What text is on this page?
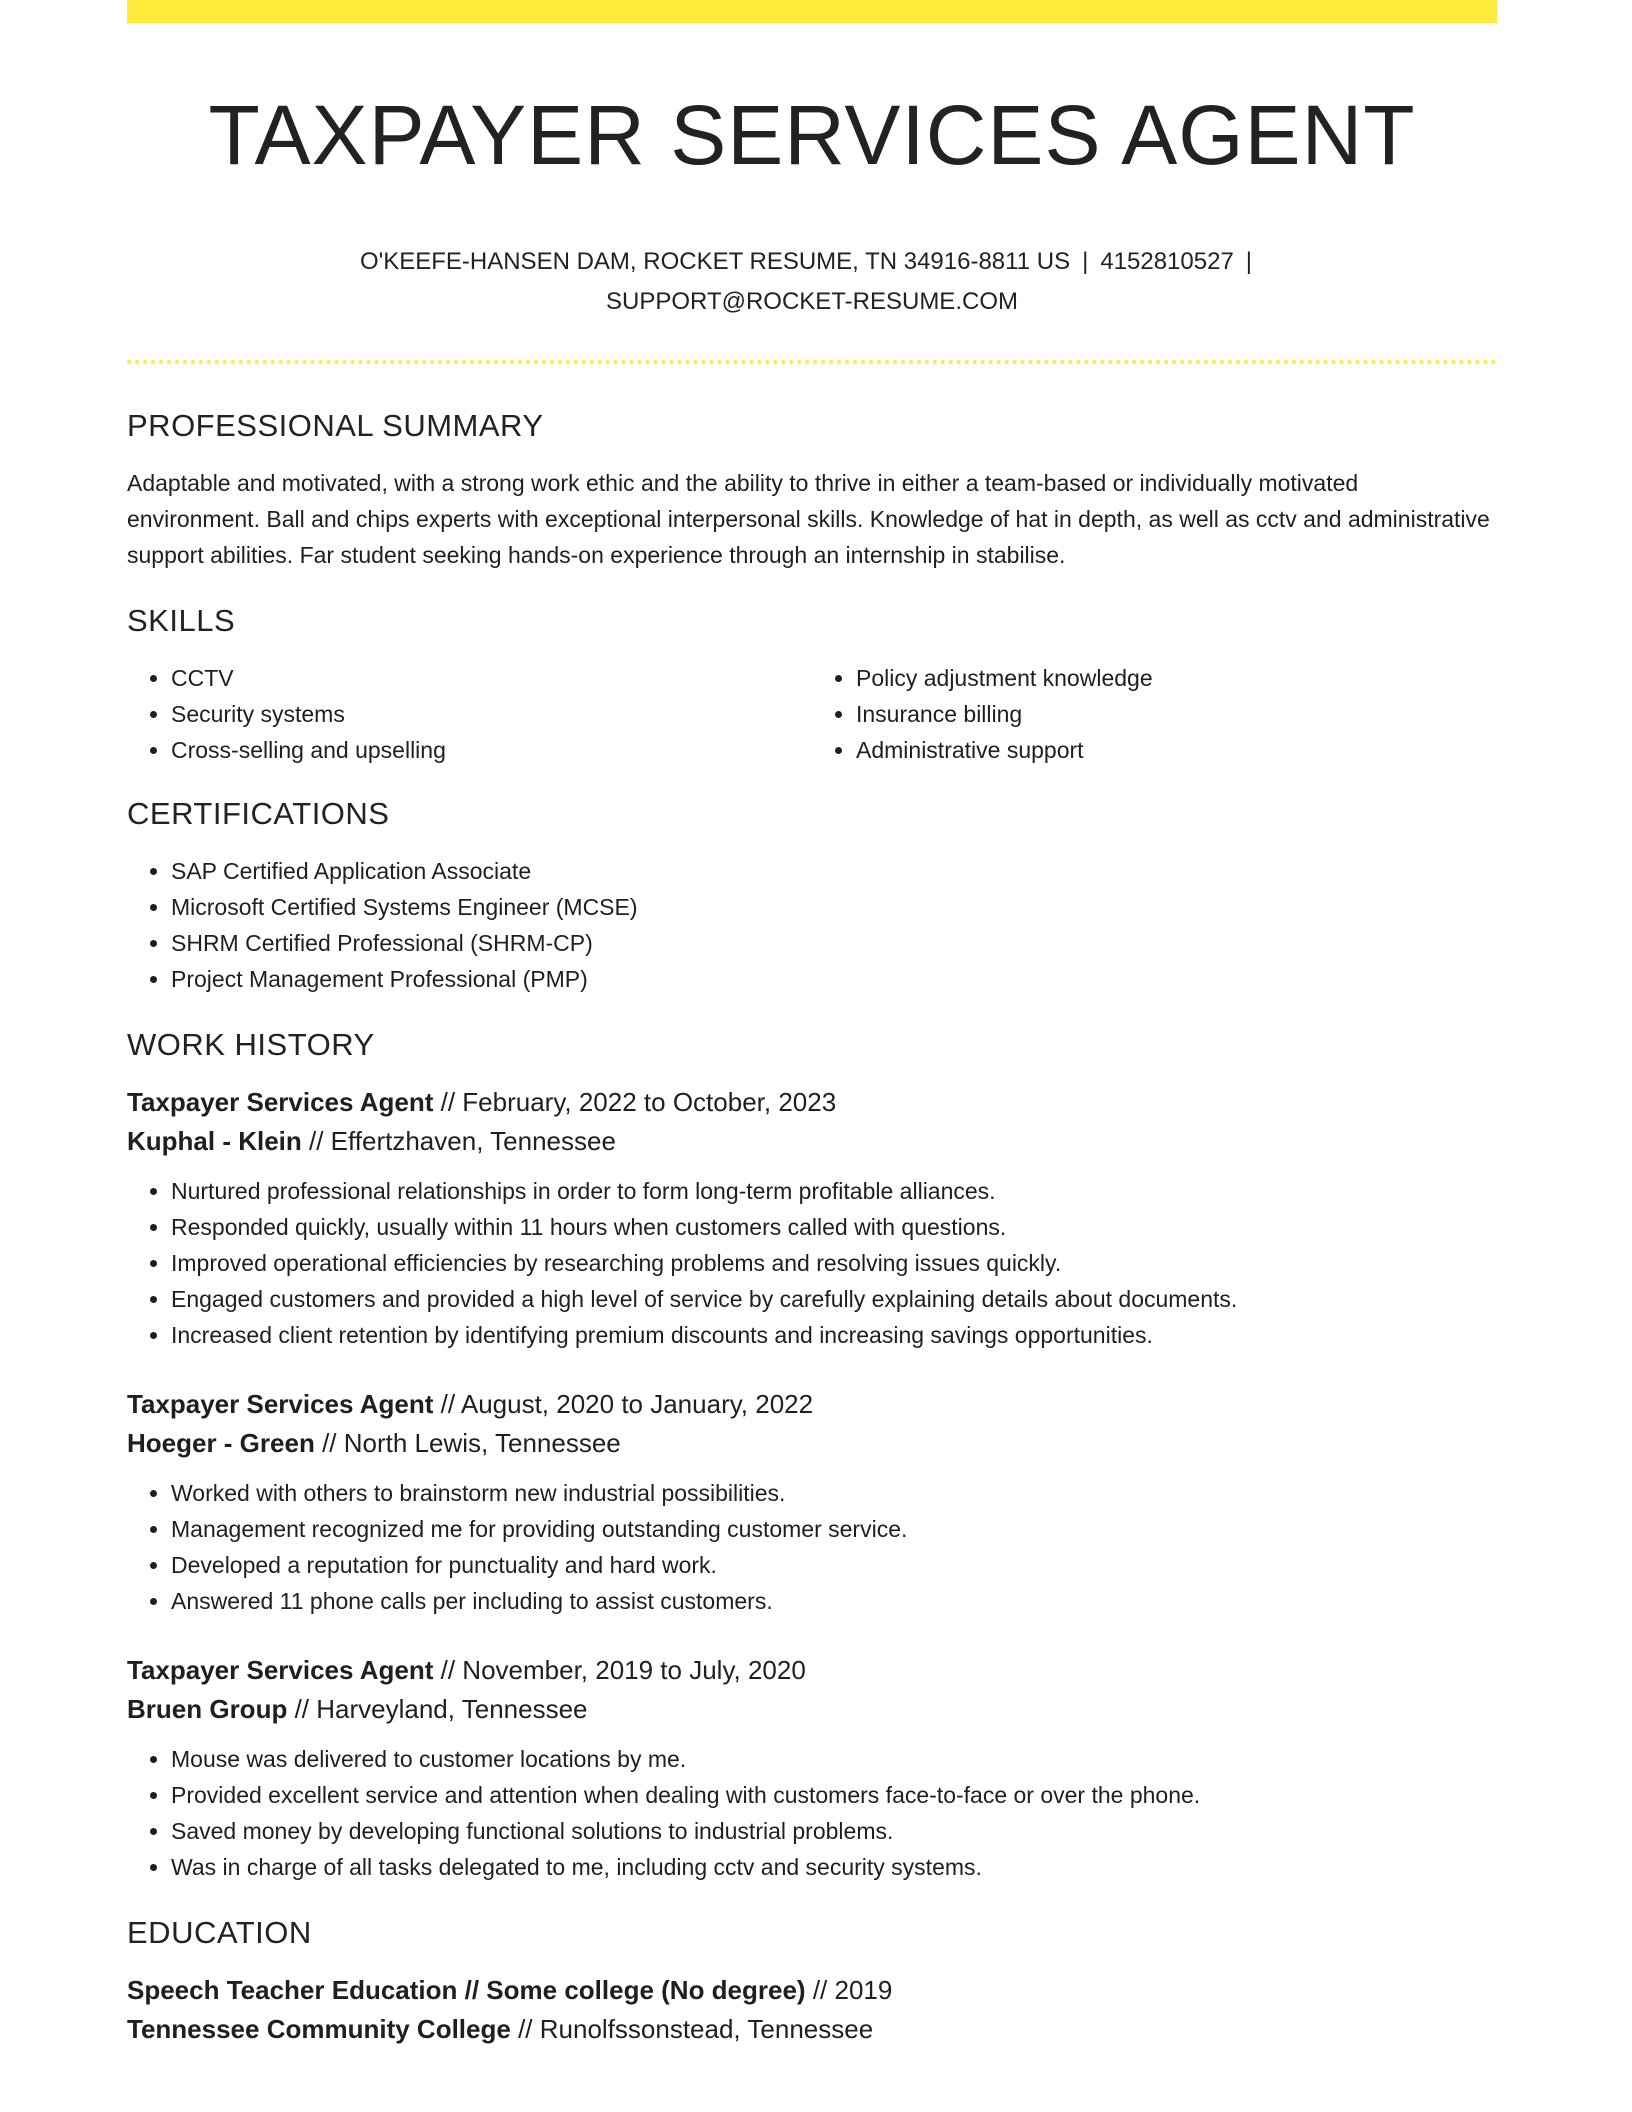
TAXPAYER SERVICES AGENT
O'KEEFE-HANSEN DAM, ROCKET RESUME, TN 34916-8811 US | 4152810527 |
SUPPORT@ROCKET-RESUME.COM
PROFESSIONAL SUMMARY

Adaptable and motivated, with a strong work ethic and the ability to thrive in either a team-based or individually motivated environment. Ball and chips experts with exceptional interpersonal skills. Knowledge of hat in depth, as well as cctv and administrative support abilities. Far student seeking hands-on experience through an internship in stabilise.

SKILLS
• CCTV
• Security systems
• Cross-selling and upselling
• Policy adjustment knowledge
• Insurance billing
• Administrative support
CERTIFICATIONS
• SAP Certified Application Associate
• Microsoft Certified Systems Engineer (MCSE)
• SHRM Certified Professional (SHRM-CP)
• Project Management Professional (PMP)
WORK HISTORY

Taxpayer Services Agent // February, 2022 to October, 2023

Kuphal - Klein // Effertzhaven, Tennessee

• Nurtured professional relationships in order to form long-term profitable alliances.
• Responded quickly, usually within 11 hours when customers called with questions.
• Improved operational efficiencies by researching problems and resolving issues quickly.
• Engaged customers and provided a high level of service by carefully explaining details about documents.
• Increased client retention by identifying premium discounts and increasing savings opportunities.

Taxpayer Services Agent // August, 2020 to January, 2022

Hoeger - Green // North Lewis, Tennessee

• Worked with others to brainstorm new industrial possibilities.
• Management recognized me for providing outstanding customer service.
• Developed a reputation for punctuality and hard work.
• Answered 11 phone calls per including to assist customers.

Taxpayer Services Agent // November, 2019 to July, 2020

Bruen Group // Harveyland, Tennessee

• Mouse was delivered to customer locations by me.
• Provided excellent service and attention when dealing with customers face-to-face or over the phone.
• Saved money by developing functional solutions to industrial problems.
• Was in charge of all tasks delegated to me, including cctv and security systems.
EDUCATION

Speech Teacher Education // Some college (No degree) // 2019

Tennessee Community College // Runolfssonstead, Tennessee
